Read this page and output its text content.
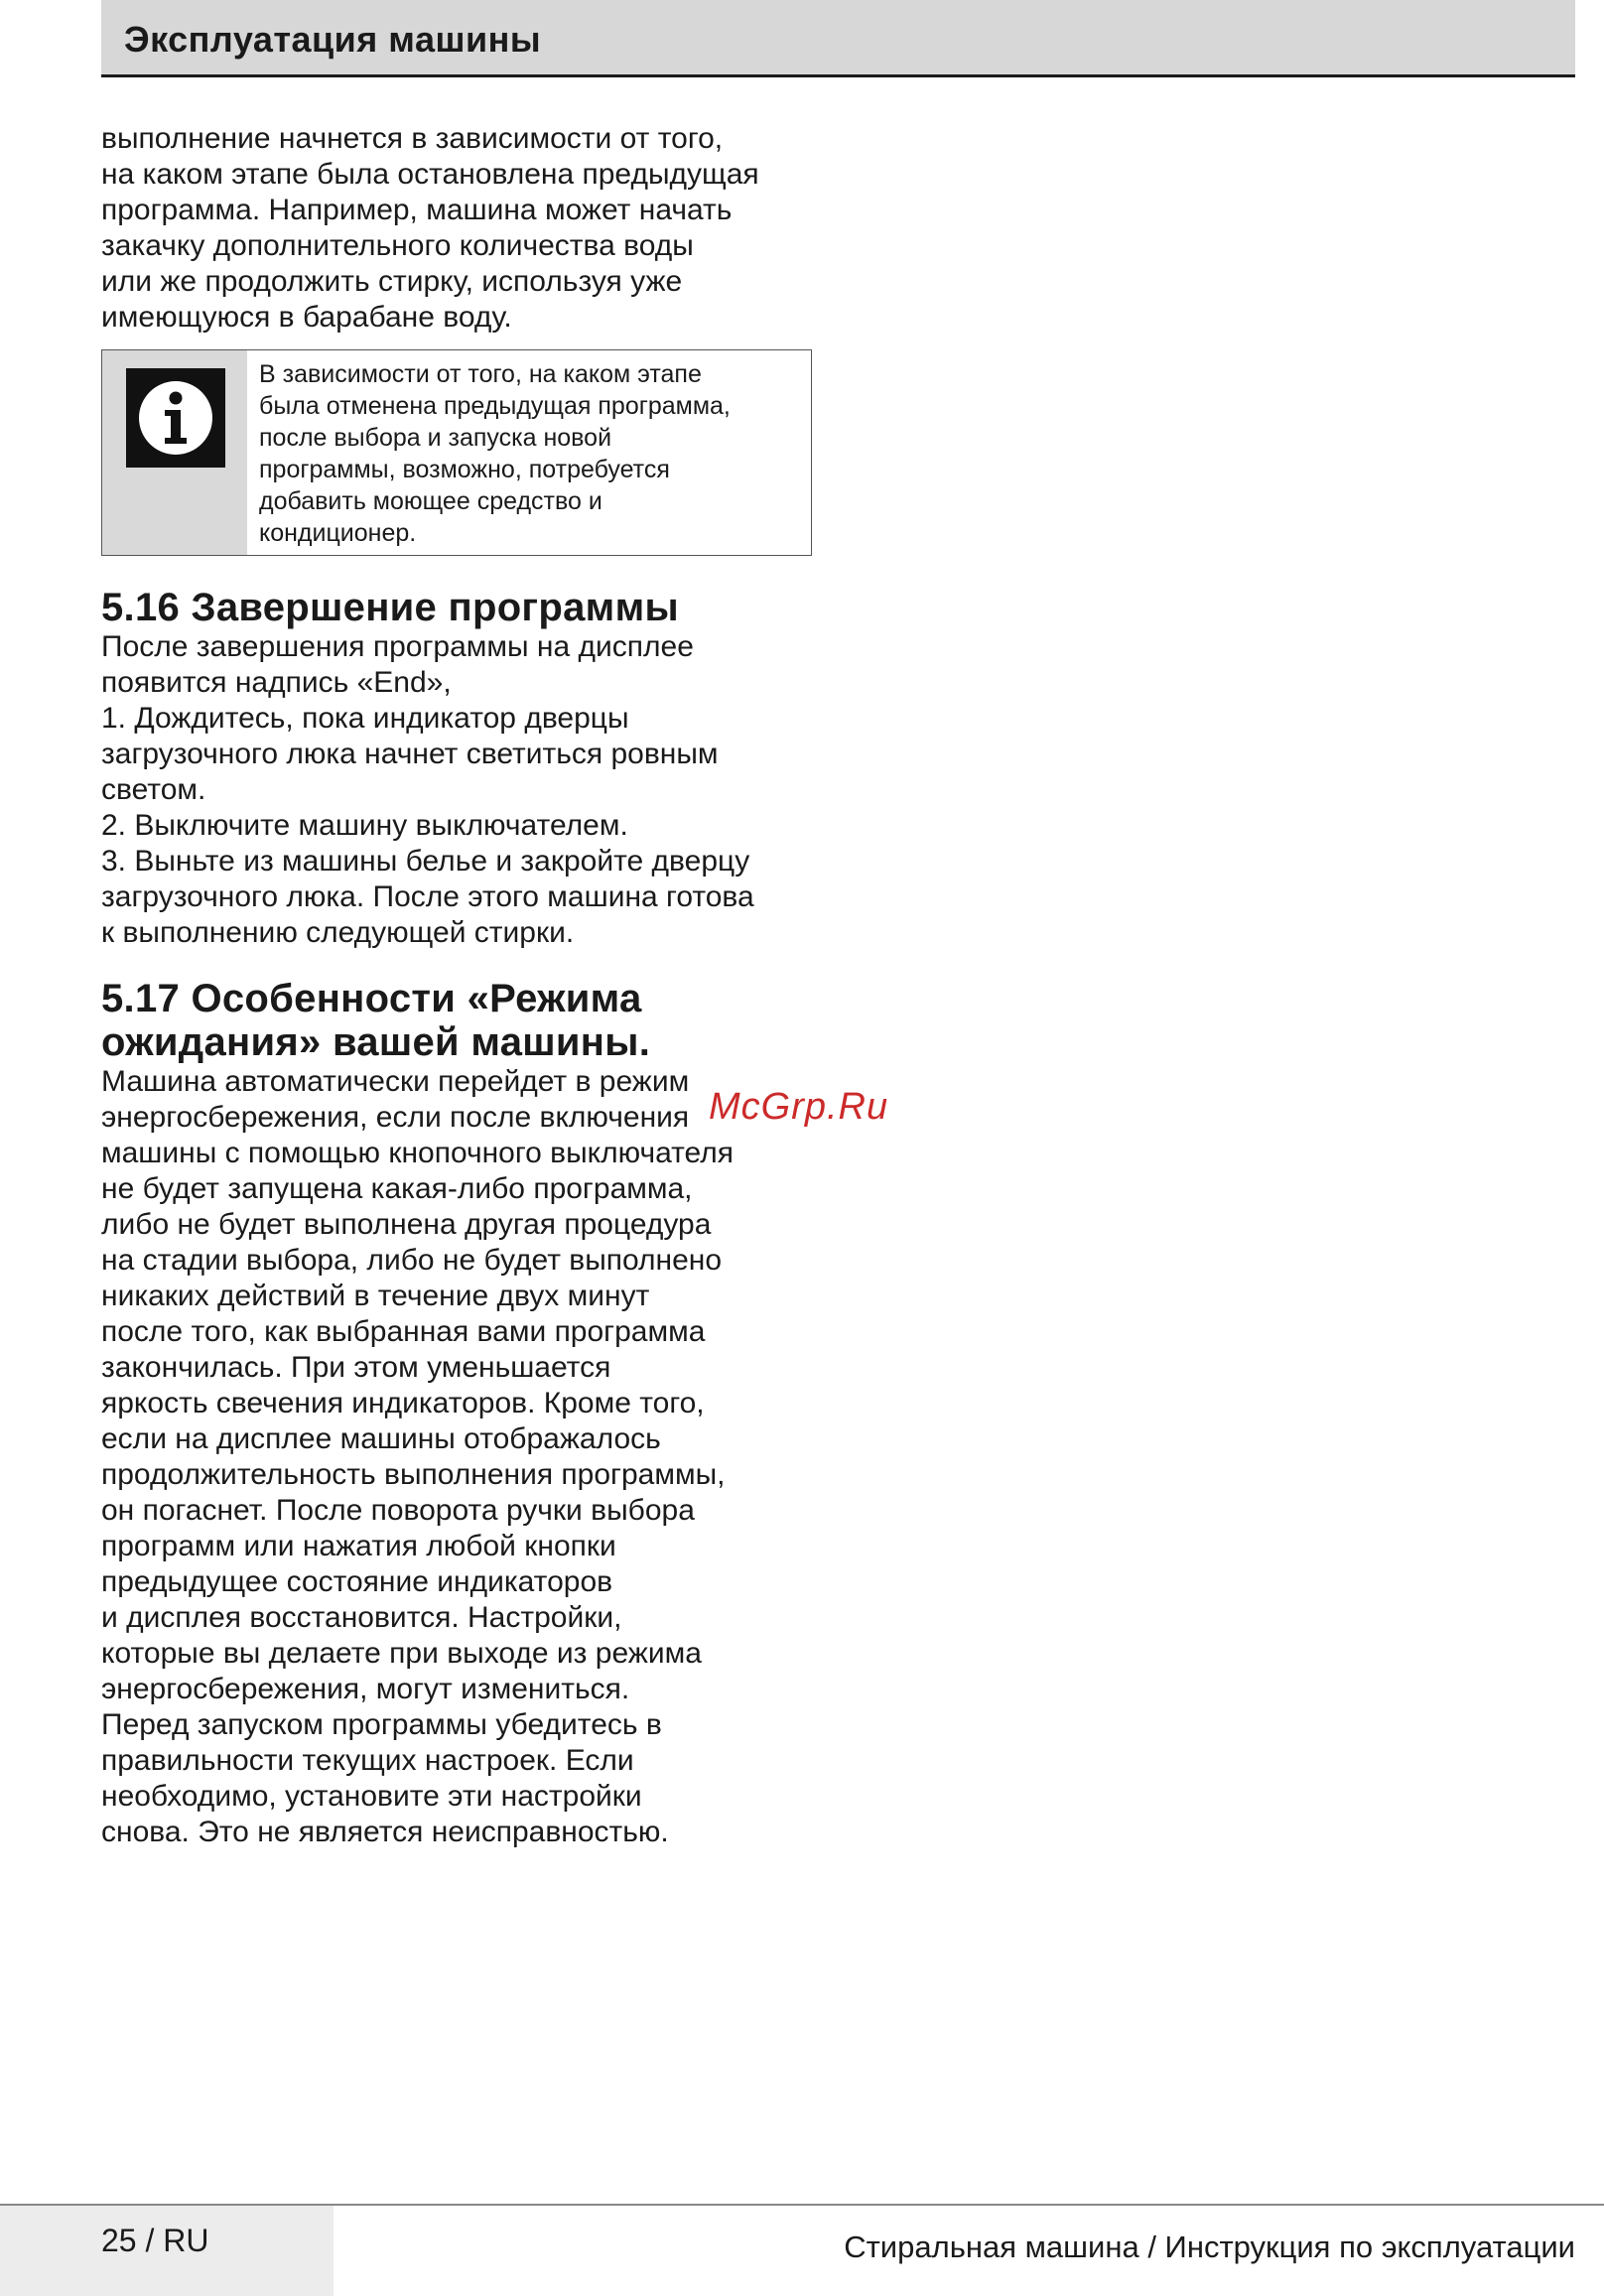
Эксплуатация машины

выполнение начнется в зависимости от того,
на каком этапе была остановлена предыдущая
программа. Например, машина может начать
закачку дополнительного количества воды
или же продолжить стирку, используя уже
имеющуюся в барабане воду.

В зависимости от того, на каком этапе
была отменена предыдущая программа,
после выбора и запуска новой
программы, возможно, потребуется
добавить моющее средство и
кондиционер.

5.16 Завершение программы

После завершения программы на дисплее
появится надпись «End»,

1. Дождитесь, пока индикатор дверцы
загрузочного люка начнет светиться ровным
светом.

2. Выключите машину выключателем.

3. Выньте из машины белье и закройте дверцу
загрузочного люка. После этого машина готова
к выполнению следующей стирки.

5.17 Особенности «Режима
ожидания» вашей машины.

Машина автоматически перейдет в режим
энергосбережения, если после включения
машины с помощью кнопочного выключателя
не будет запущена какая-либо программа,
либо не будет выполнена другая процедура
на стадии выбора, либо не будет выполнено
никаких действий в течение двух минут
после того, как выбранная вами программа
закончилась. При этом уменьшается
яркость свечения индикаторов. Кроме того,
если на дисплее машины отображалось
продолжительность выполнения программы,
он погаснет. После поворота ручки выбора
программ или нажатия любой кнопки
предыдущее состояние индикаторов
и дисплея восстановится. Настройки,
которые вы делаете при выходе из режима
энергосбережения, могут измениться.
Перед запуском программы убедитесь в
правильности текущих настроек. Если
необходимо, установите эти настройки
снова. Это не является неисправностью.

McGrp.Ru
25 / RU	Стиральная машина / Инструкция по эксплуатации
